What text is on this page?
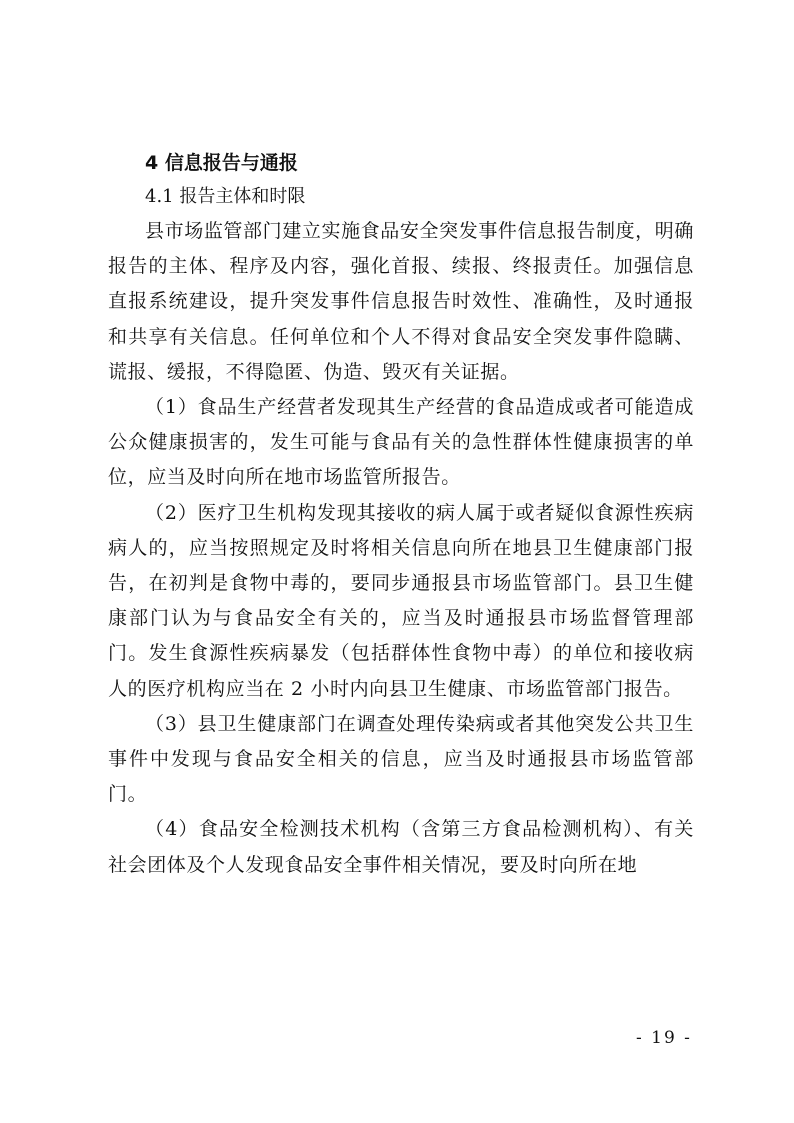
4 信息报告与通报
4.1 报告主体和时限

县市场监管部门建立实施食品安全突发事件信息报告制度，明确报告的主体、程序及内容，强化首报、续报、终报责任。加强信息直报系统建设，提升突发事件信息报告时效性、准确性，及时通报和共享有关信息。任何单位和个人不得对食品安全突发事件隐瞒、谎报、缓报，不得隐匿、伪造、毁灭有关证据。

（1）食品生产经营者发现其生产经营的食品造成或者可能造成公众健康损害的，发生可能与食品有关的急性群体性健康损害的单位，应当及时向所在地市场监管所报告。

（2）医疗卫生机构发现其接收的病人属于或者疑似食源性疾病病人的，应当按照规定及时将相关信息向所在地县卫生健康部门报告，在初判是食物中毒的，要同步通报县市场监管部门。县卫生健康部门认为与食品安全有关的，应当及时通报县市场监督管理部门。发生食源性疾病暴发（包括群体性食物中毒）的单位和接收病人的医疗机构应当在 2 小时内向县卫生健康、市场监管部门报告。

（3）县卫生健康部门在调查处理传染病或者其他突发公共卫生事件中发现与食品安全相关的信息，应当及时通报县市场监管部门。

（4）食品安全检测技术机构（含第三方食品检测机构）、有关社会团体及个人发现食品安全事件相关情况，要及时向所在地

- 19 -
